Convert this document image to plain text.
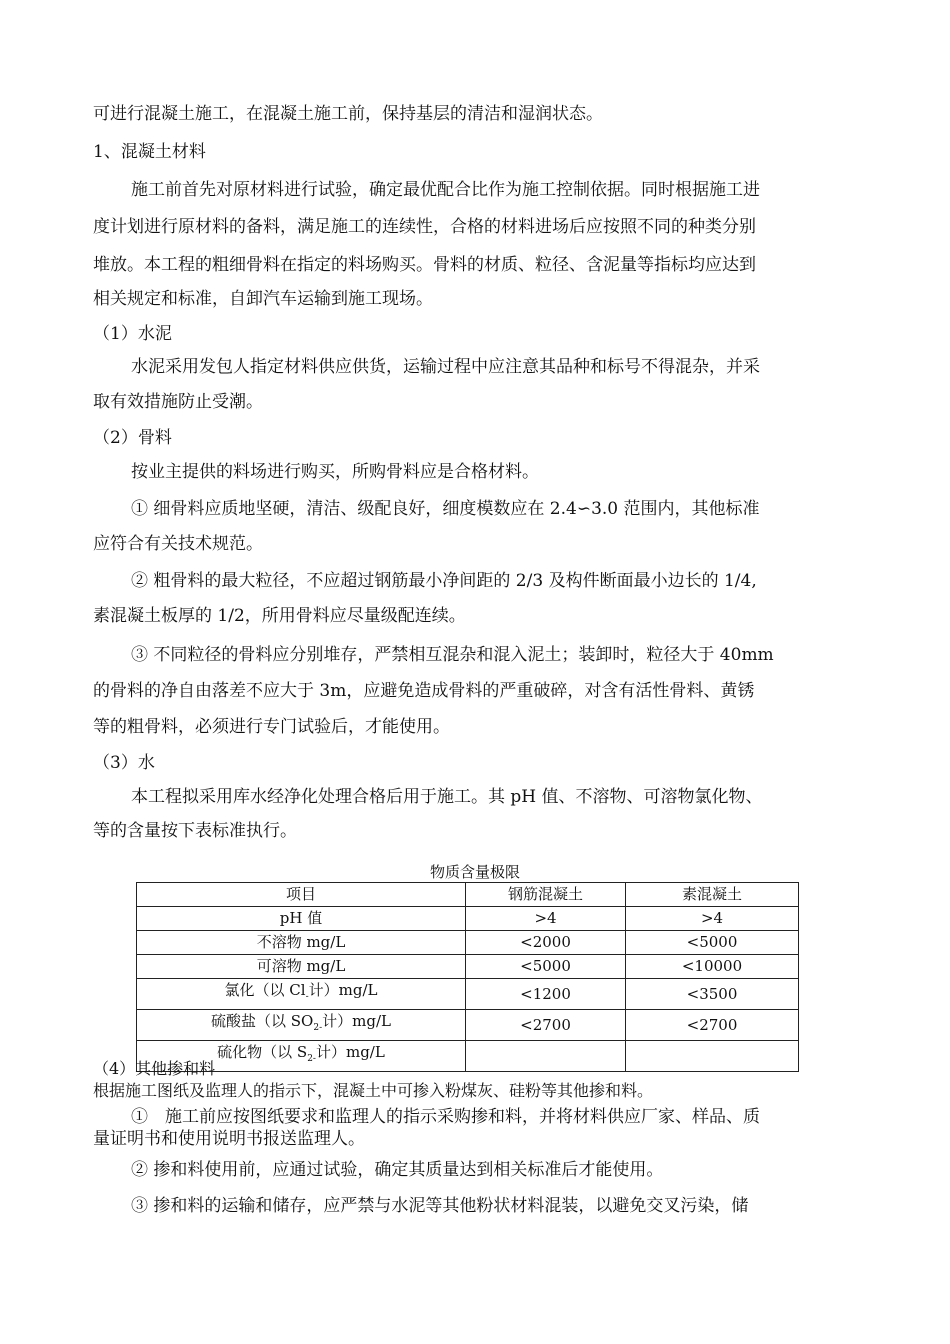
可进行混凝土施工，在混凝土施工前，保持基层的清洁和湿润状态。
1、混凝土材料
施工前首先对原材料进行试验，确定最优配合比作为施工控制依据。同时根据施工进
度计划进行原材料的备料，满足施工的连续性，合格的材料进场后应按照不同的种类分别
堆放。本工程的粗细骨料在指定的料场购买。骨料的材质、粒径、含泥量等指标均应达到
相关规定和标准，自卸汽车运输到施工现场。
（1）水泥
水泥采用发包人指定材料供应供货，运输过程中应注意其品种和标号不得混杂，并采
取有效措施防止受潮。
（2）骨料
按业主提供的料场进行购买，所购骨料应是合格材料。
① 细骨料应质地坚硬，清洁、级配良好，细度模数应在 2.4∽3.0 范围内，其他标准
应符合有关技术规范。
② 粗骨料的最大粒径，不应超过钢筋最小净间距的 2/3 及构件断面最小边长的 1/4,
素混凝土板厚的 1/2，所用骨料应尽量级配连续。
③ 不同粒径的骨料应分别堆存，严禁相互混杂和混入泥土；装卸时，粒径大于 40mm
的骨料的净自由落差不应大于 3m，应避免造成骨料的严重破碎，对含有活性骨料、黄锈
等的粗骨料，必须进行专门试验后，才能使用。
（3）水
本工程拟采用库水经净化处理合格后用于施工。其 pH 值、不溶物、可溶物氯化物、
等的含量按下表标准执行。
物质含量极限
项目	钢筋混凝土	素混凝土
pH 值	>4	>4
不溶物 mg/L	<2000	<5000
可溶物 mg/L	<5000	<10000
氯化（以 $Cl_-$计）mg/L	<1200	<3500
硫酸盐（以 $SO_{2-}$计）mg/L	<2700	<2700
硫化物（以 $S_{2-}$计）mg/L		
（4）其他掺和料
根据施工图纸及监理人的指示下，混凝土中可掺入粉煤灰、硅粉等其他掺和料。
①　施工前应按图纸要求和监理人的指示采购掺和料，并将材料供应厂家、样品、质
量证明书和使用说明书报送监理人。
② 掺和料使用前，应通过试验，确定其质量达到相关标准后才能使用。
③ 掺和料的运输和储存，应严禁与水泥等其他粉状材料混装，以避免交叉污染，储
